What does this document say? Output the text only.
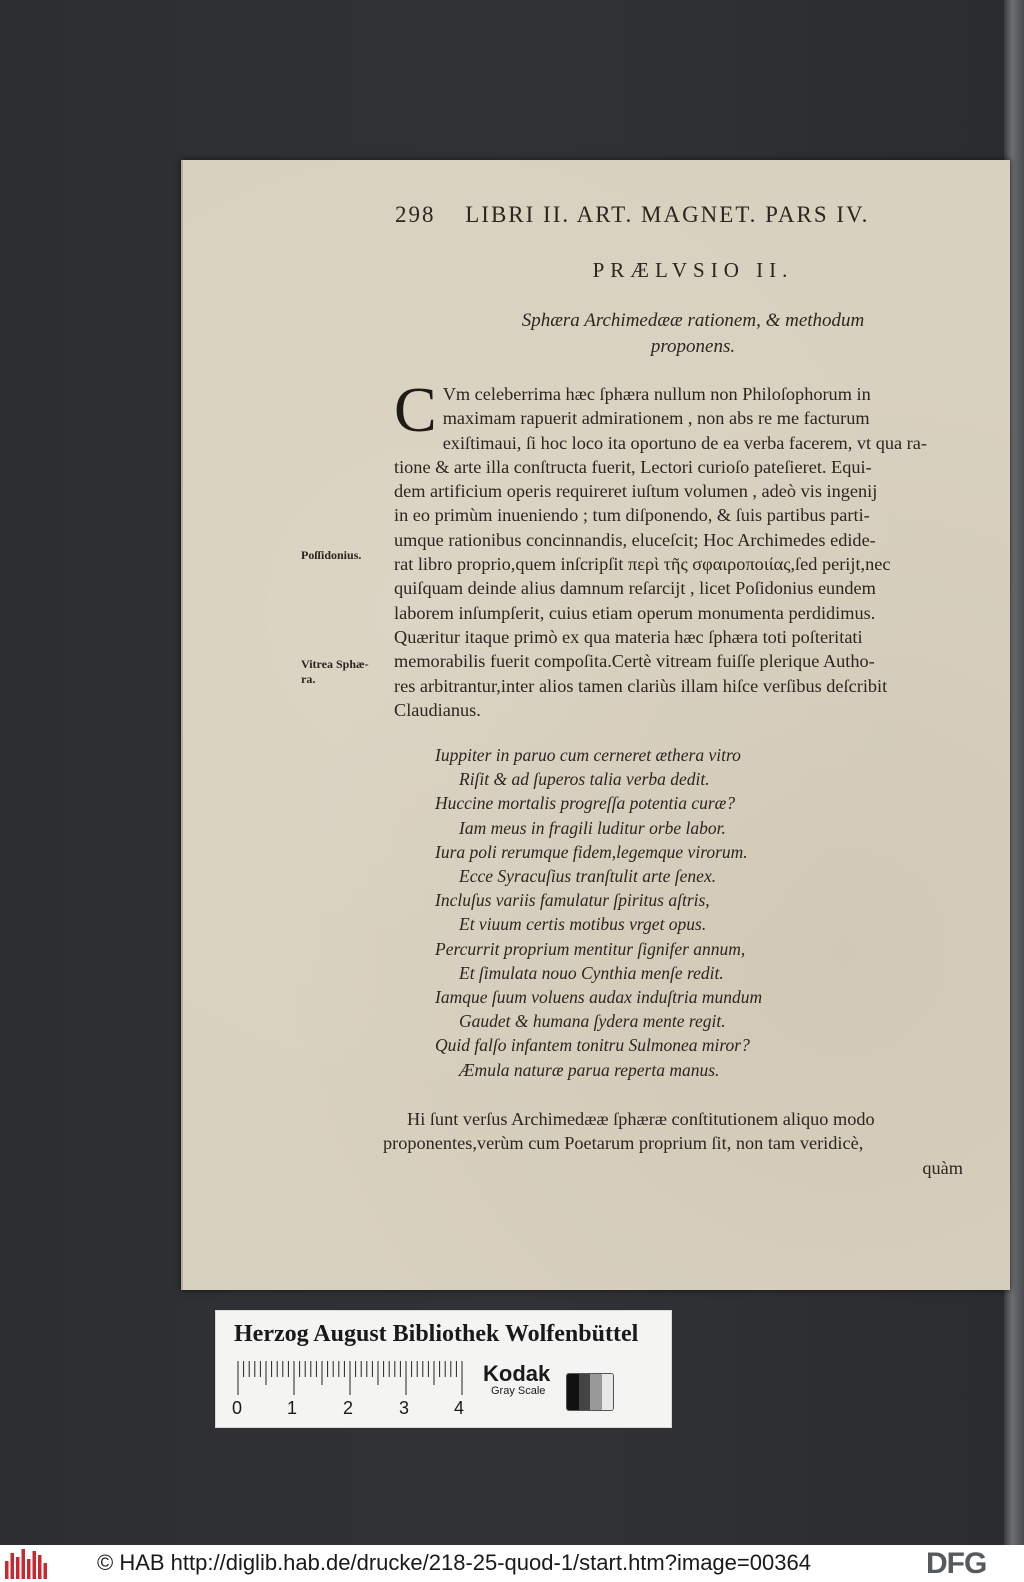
298 LIBRI II. ART. MAGNET. PARS IV.
PRÆLVSIO II.
Sphæra Archimedææ rationem, & methodum
proponens.
C Vm celeberrima hæc ſphæra nullum non Philoſophorum in
maximam rapuerit admirationem , non abs re me facturum
exiſtimaui, ſi hoc loco ita oportuno de ea verba facerem, vt qua ra-
tione & arte illa conſtructa fuerit, Lectori curioſo pateſieret. Equi-
dem artificium operis requireret iuſtum volumen , adeò vis ingenij
in eo primùm inueniendo ; tum diſponendo, & ſuis partibus parti-
umque rationibus concinnandis, eluceſcit; Hoc Archimedes edide-
rat libro proprio,quem inſcripſit περὶ τῆς σφαιροποιίας,ſed perijt,nec
quiſquam deinde alius damnum reſarcijt , licet Poſidonius eundem
laborem inſumpſerit, cuius etiam operum monumenta perdidimus.
Quæritur itaque primò ex qua materia hæc ſphæra toti poſteritati
memorabilis fuerit compoſita.Certè vitream fuiſſe plerique Autho-
res arbitrantur,inter alios tamen clariùs illam hiſce verſibus deſcribit
Claudianus.
Poſſidonius.
Vitrea Sphæ-
ra.
Iuppiter in paruo cum cerneret æthera vitro
Riſit & ad ſuperos talia verba dedit.
Huccine mortalis progreſſa potentia curæ?
Iam meus in fragili luditur orbe labor.
Iura poli rerumque fidem,legemque virorum.
Ecce Syracuſius tranſtulit arte ſenex.
Incluſus variis famulatur ſpiritus aſtris,
Et viuum certis motibus vrget opus.
Percurrit proprium mentitur ſignifer annum,
Et ſimulata nouo Cynthia menſe redit.
Iamque ſuum voluens audax induſtria mundum
Gaudet & humana ſydera mente regit.
Quid falſo infantem tonitru Sulmonea miror?
Æmula naturæ parua reperta manus.
Hi ſunt verſus Archimedææ ſphæræ conſtitutionem aliquo modo
proponentes,verùm cum Poetarum proprium ſit, non tam veridicè,
quàm
Herzog August Bibliothek Wolfenbüttel
0 1	2	3 4
Kodak
Gray Scale
© HAB http://diglib.hab.de/drucke/218-25-quod-1/start.htm?image=00364	DFG
